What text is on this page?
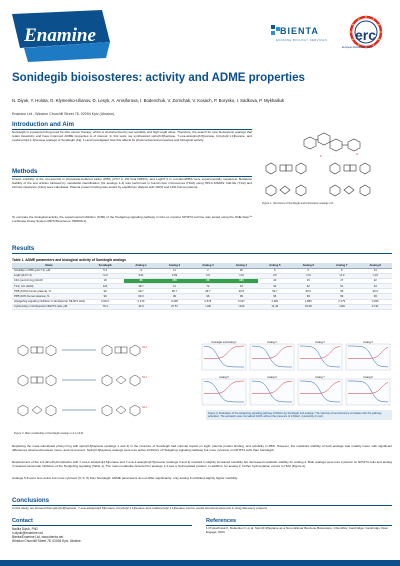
Enamine	BIENTA
ENAMINE BIOLOGY SERVICES erc
European Research Council
Sonidegib bioisosteres: activity and ADME properties
N. Diyuk, Y. Holota, O. Klymenko-Ulianov, D. Lesyk, A. Anisiforova, I. Bodenchuk, V. Zomchak, V. Kosach, P. Borysko, I. Sadkova, P. Mykhailiuk
Enamine Ltd., Winston Churchill Street 78, 02094 Kyiv (Ukraine).
Introduction and Aim
Sonidegib is a patented drug used for skin cancer therapy, which is characterized by low solubility and high LogD value. Therefore, the search for new bioisosteric analogs that retain bioactivity and have improved ADME properties is of interest. In this work, we synthesized spiro[3.3]heptane, 7-oxa-azaspiro[3.5]nonane, bicyclo[2.1.1]hexane, and oxabicyclo[2.1.1]hexane analogs of Sonidegib (Fig. 1) and investigated how this affects its physicochemical properties and biological activity.
Methods
Kinetic solubility of the compounds in phosphate-buffered saline (PBS, pH=7.4; 2% final DMSO), and LogD7.4 in n-octanol/PBS were experimentally measured. Metabolic stability of the test articles followed by metabolite identification (for analogs 1-4) was performed in human liver microsomes (HLM) using HPLC-MS/MS: half-life (T1/2) and intrinsic clearance (Clint) were calculated. Plasma protein binding was tested by equilibrium dialysis with 100% and 10% human plasma.
To compare the biological activity, the experimental inhibition (IC50) of the Hedgehog signaling pathway in Gli-Luc reporter NIH3T3 cell line was tested using the ONE-Step™ Luciferase Assay System (BPS Bioscience, #60690-1).
F	O
Figure 1. Structures of Sonidegib and bioisosteric analogs 1-8.
Results
Table 1. ADME parameters and biological activity of Sonidegib analogs
Name	Sonidegib	Analog 1	Analog 2	Analog 3	Analog 4	Analog 5	Analog 6	Analog 7	Analog 8
Solubility in PBS (pH=7.4), µM	5.3	>1	11	2	26	5	6	6	24
LogD (pH=7.4)	>4.0	3.61	3.69	3.9	>4.0	3.6	>4.0	>4.0	>4.0
Clint (µL/min/mg) (HLM)	18	36	156	23	180	20	15	27	22
T1/2, min (HLM)	104	48.7	11	72	16	92	62	51	23
PPB (100% human plasma), %	99	99.7	99.7	99.7	99.8	99.7	99.9	99	99.6
PPB (10% human plasma), %	99	99.3	99	96	99	96	99	99	99
(Hedgehog signaling inhibition in Gli Reporter NIH3T3 cells)	0.0017	0.479	0.395	0.576	0.027	2.381	1.883	0.179	0.066
Cytotoxicity in Gli Reporter NIH3T3 cells, µM	76.4	32.9	27.57	>100	>100	11.43	16.08	>100	17.61
OH
OH
OH
Figure 2. Main metabolites of Sonidegib analogs 1-4 in HLM.
Sonidegib and Analog 1	Analog 2	Analog 3	Analog 4
Analog 5	Analog 6	Analog 7	Analog 8
Figure 3. Evaluation of the Hedgehog signaling pathway inhibition by Sonidegib and analogs. The intensity of luminescence correlates with the pathway activation. The activation was normalized 100% without the presence of inhibitor, cytotoxicity (in red).
Replacing the meta-substituted phenyl ring with spiro[3.3]heptane (analogs 1 and 2) in the structure of Sonidegib had minimal impact on logD, plasma protein binding, and solubility in PBS. However, the metabolic stability of both analogs was notably lower, with significant differences observed between meso- and cis-isomers. Spiro[3.3]heptane analogs were less active inhibitors of Hedgehog signaling pathway but more cytotoxic on NIH3T3 cells than Sonidegib.
Replacement of the 2,6-dimethylmorpholine with 7-oxa-2-azaspiro[3.5]nonane and 7-oxa-1-azaspiro[3.5]nonane (analogs 3 and 4) resulted in slightly increased solubility but decreased metabolic stability for analog 4. Both analogs were less cytotoxic on NIH3T3 cells and analog 3 retained nanomolar inhibition of the Hedgehog signaling (Table 1). The main metabolite detected for analogs 1-4 was a hydroxylated product. In addition, for analog 2, further hydroxylation occurs in HLM (Figure 2).
Analogs 5-8 were less active but more cytotoxic (5, 6, 8) than Sonidegib. ADME parameters do not differ significantly; only analog 8 exhibited slightly higher solubility.
Conclusions
In this study, we showed that spiro[3.3]heptane, 7-oxa-azaspiro[3.5]nonane, bicyclo[2.1.1]hexane and oxabicyclo[2.1.1]hexane can be useful structural elements in drug discovery projects
Contact
Nadiia Diyuk, PhD
n.diyuk@enamine.net
Bienta/Enamine Ltd, www.bienta.net
Winston Churchill Street 78, 02094 Kyiv, Ukraine.
References
1 Prysiazhniuk K, Datsenko O, et al. Spiro[3.3]heptane as a Non-collinear Benzene Bioisostere. ChemRxiv. Cambridge: Cambridge Open Engage; 2023.
